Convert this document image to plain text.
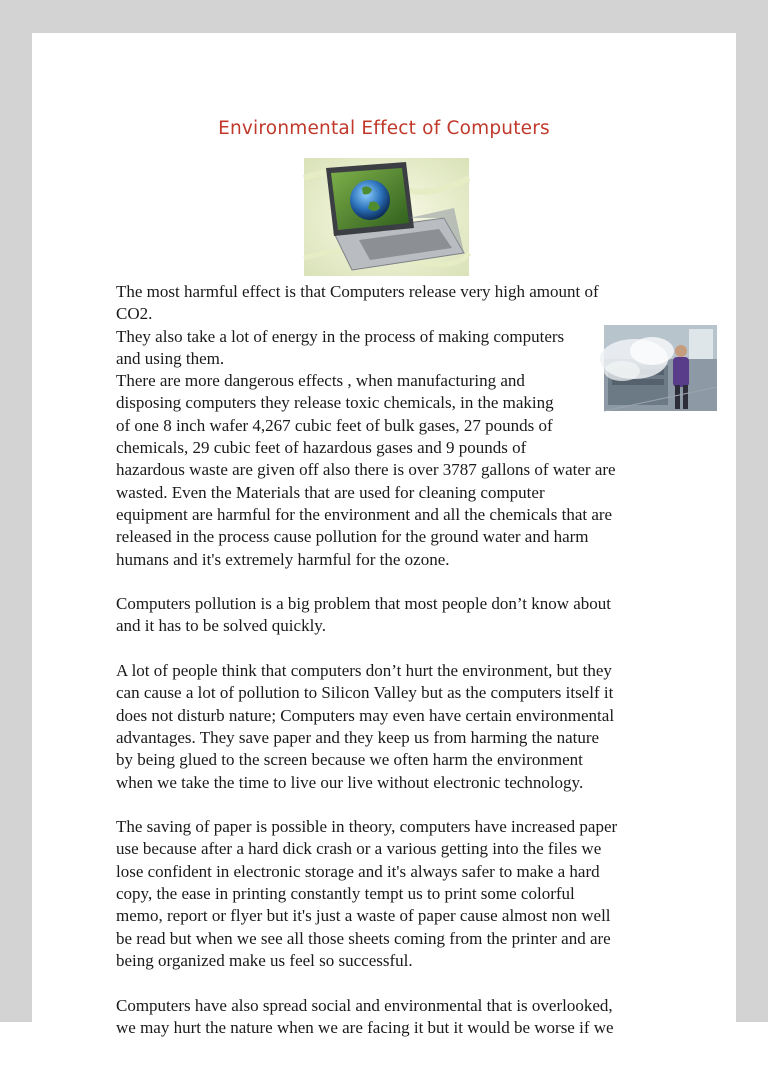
Environmental Effect of Computers

The most harmful effect is that Computers release very high amount of
CO2.
They also take a lot of energy in the process of making computers
and using them.
There are more dangerous effects , when manufacturing and
disposing computers they release toxic chemicals, in the making
of one 8 inch wafer 4,267 cubic feet of bulk gases, 27 pounds of
chemicals, 29 cubic feet of hazardous gases and 9 pounds of
hazardous waste are given off also there is over 3787 gallons of water are
wasted. Even the Materials that are used for cleaning computer
equipment are harmful for the environment and all the chemicals that are
released in the process cause pollution for the ground water and harm
humans and it's extremely harmful for the ozone.

Computers pollution is a big problem that most people don’t know about
and it has to be solved quickly.

A lot of people think that computers don’t hurt the environment, but they
can cause a lot of pollution to Silicon Valley but as the computers itself it
does not disturb nature; Computers may even have certain environmental
advantages. They save paper and they keep us from harming the nature
by being glued to the screen because we often harm the environment
when we take the time to live our live without electronic technology.

The saving of paper is possible in theory, computers have increased paper
use because after a hard dick crash or a various getting into the files we
lose confident in electronic storage and it's always safer to make a hard
copy, the ease in printing constantly tempt us to print some colorful
memo, report or flyer but it's just a waste of paper cause almost non well
be read but when we see all those sheets coming from the printer and are
being organized make us feel so successful.

Computers have also spread social and environmental that is overlooked,
we may hurt the nature when we are facing it but it would be worse if we
